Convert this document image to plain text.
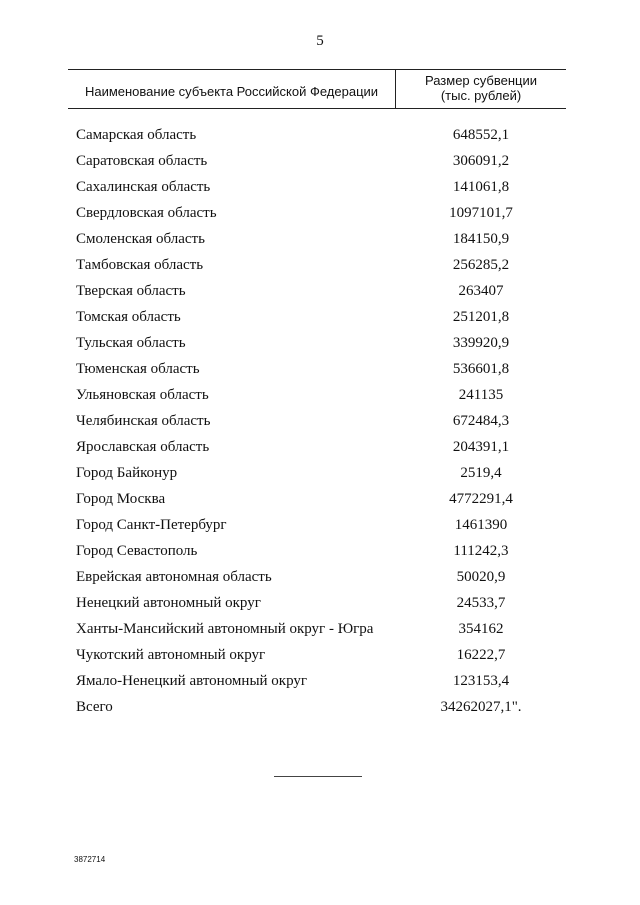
5
Наименование субъекта Российской Федерации
Размер субвенции
(тыс. рублей)
Самарская область	648552,1
Саратовская область	306091,2
Сахалинская область	141061,8
Свердловская область	1097101,7
Смоленская область	184150,9
Тамбовская область	256285,2
Тверская область	263407
Томская область	251201,8
Тульская область	339920,9
Тюменская область	536601,8
Ульяновская область	241135
Челябинская область	672484,3
Ярославская область	204391,1
Город Байконур	2519,4
Город Москва	4772291,4
Город Санкт-Петербург	1461390
Город Севастополь	111242,3
Еврейская автономная область	50020,9
Ненецкий автономный округ	24533,7
Ханты-Мансийский автономный округ - Югра	354162
Чукотский автономный округ	16222,7
Ямало-Ненецкий автономный округ	123153,4
Всего	34262027,1".
3872714
